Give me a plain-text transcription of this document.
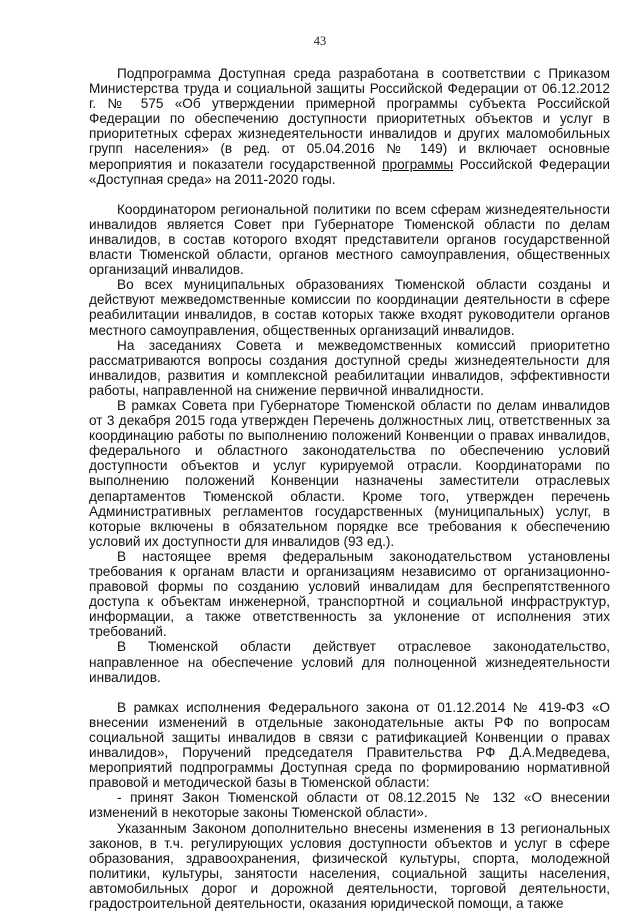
43

Подпрограмма Доступная среда разработана в соответствии с Приказом Министерства труда и социальной защиты Российской Федерации от 06.12.2012 г. № 575 «Об утверждении примерной программы субъекта Российской Федерации по обеспечению доступности приоритетных объектов и услуг в приоритетных сферах жизнедеятельности инвалидов и других маломобильных групп населения» (в ред. от 05.04.2016 № 149) и включает основные мероприятия и показатели государственной программы Российской Федерации «Доступная среда» на 2011-2020 годы.

Координатором региональной политики по всем сферам жизнедеятельности инвалидов является Совет при Губернаторе Тюменской области по делам инвалидов, в состав которого входят представители органов государственной власти Тюменской области, органов местного самоуправления, общественных организаций инвалидов.

Во всех муниципальных образованиях Тюменской области созданы и действуют межведомственные комиссии по координации деятельности в сфере реабилитации инвалидов, в состав которых также входят руководители органов местного самоуправления, общественных организаций инвалидов.

На заседаниях Совета и межведомственных комиссий приоритетно рассматриваются вопросы создания доступной среды жизнедеятельности для инвалидов, развития и комплексной реабилитации инвалидов, эффективности работы, направленной на снижение первичной инвалидности.

В рамках Совета при Губернаторе Тюменской области по делам инвалидов от 3 декабря 2015 года утвержден Перечень должностных лиц, ответственных за координацию работы по выполнению положений Конвенции о правах инвалидов, федерального и областного законодательства по обеспечению условий доступности объектов и услуг курируемой отрасли. Координаторами по выполнению положений Конвенции назначены заместители отраслевых департаментов Тюменской области. Кроме того, утвержден перечень Административных регламентов государственных (муниципальных) услуг, в которые включены в обязательном порядке все требования к обеспечению условий их доступности для инвалидов (93 ед.).

В настоящее время федеральным законодательством установлены требования к органам власти и организациям независимо от организационно-правовой формы по созданию условий инвалидам для беспрепятственного доступа к объектам инженерной, транспортной и социальной инфраструктур, информации, а также ответственность за уклонение от исполнения этих требований.

В Тюменской области действует отраслевое законодательство, направленное на обеспечение условий для полноценной жизнедеятельности инвалидов.

В рамках исполнения Федерального закона от 01.12.2014 № 419-ФЗ «О внесении изменений в отдельные законодательные акты РФ по вопросам социальной защиты инвалидов в связи с ратификацией Конвенции о правах инвалидов», Поручений председателя Правительства РФ Д.А.Медведева, мероприятий подпрограммы Доступная среда по формированию нормативной правовой и методической базы в Тюменской области:

- принят Закон Тюменской области от 08.12.2015 № 132 «О внесении изменений в некоторые законы Тюменской области».

Указанным Законом дополнительно внесены изменения в 13 региональных законов, в т.ч. регулирующих условия доступности объектов и услуг в сфере образования, здравоохранения, физической культуры, спорта, молодежной политики, культуры, занятости населения, социальной защиты населения, автомобильных дорог и дорожной деятельности, торговой деятельности, градостроительной деятельности, оказания юридической помощи, а также
